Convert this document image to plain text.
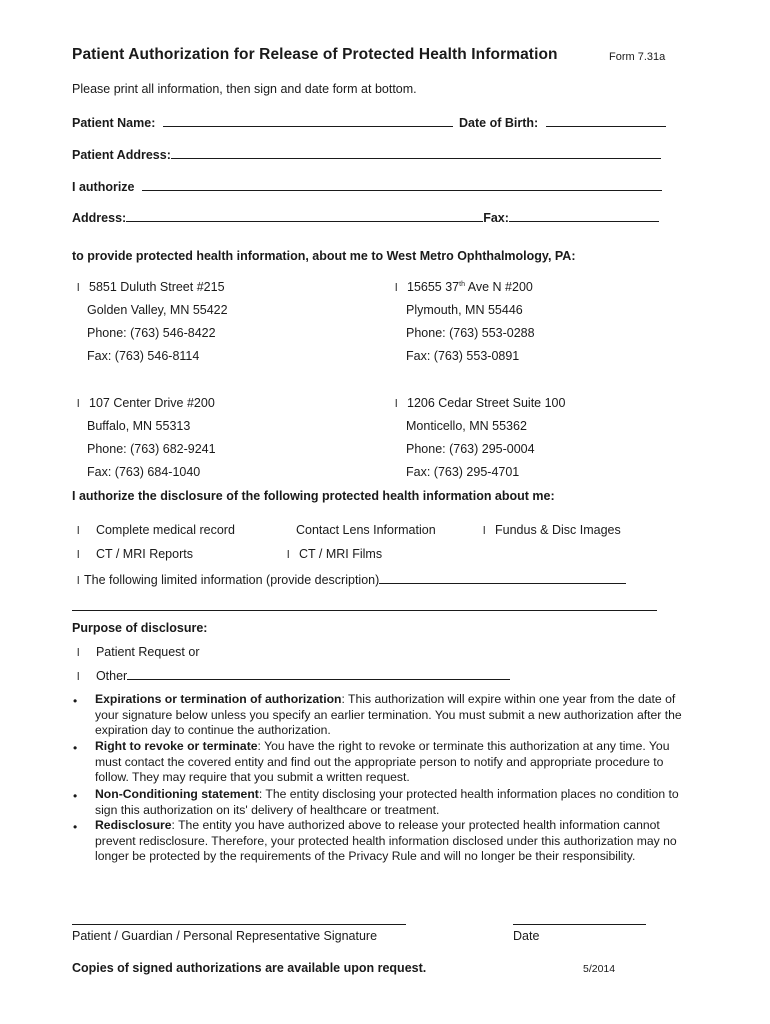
Patient Authorization for Release of Protected Health Information	Form 7.31a
Please print all information, then sign and date form at bottom.
Patient Name:	Date of Birth:
Patient Address:
I authorize
Address:	Fax:
to provide protected health information, about me to West Metro Ophthalmology, PA:
l 5851 Duluth Street #215
Golden Valley, MN 55422
Phone: (763) 546-8422
Fax: (763) 546-8114
l 15655 37th Ave N #200
Plymouth, MN 55446
Phone: (763) 553-0288
Fax: (763) 553-0891
l 107 Center Drive #200
Buffalo, MN 55313
Phone: (763) 682-9241
Fax: (763) 684-1040
l 1206 Cedar Street Suite 100
Monticello, MN 55362
Phone: (763) 295-0004
Fax: (763) 295-4701
I authorize the disclosure of the following protected health information about me:
l Complete medical record	Contact Lens Information	l Fundus & Disc Images
l CT / MRI Reports	l CT / MRI Films
l The following limited information (provide description)
Purpose of disclosure:
l Patient Request or
l Other
• Expirations or termination of authorization: This authorization will expire within one year from the date of your signature below unless you specify an earlier termination. You must submit a new authorization after the expiration day to continue the authorization.
• Right to revoke or terminate: You have the right to revoke or terminate this authorization at any time. You must contact the covered entity and find out the appropriate person to notify and appropriate procedure to follow. They may require that you submit a written request.
• Non-Conditioning statement: The entity disclosing your protected health information places no condition to sign this authorization on its' delivery of healthcare or treatment.
• Redisclosure: The entity you have authorized above to release your protected health information cannot prevent redisclosure. Therefore, your protected health information disclosed under this authorization may no longer be protected by the requirements of the Privacy Rule and will no longer be their responsibility.
Patient / Guardian / Personal Representative Signature	Date
Copies of signed authorizations are available upon request.	5/2014
